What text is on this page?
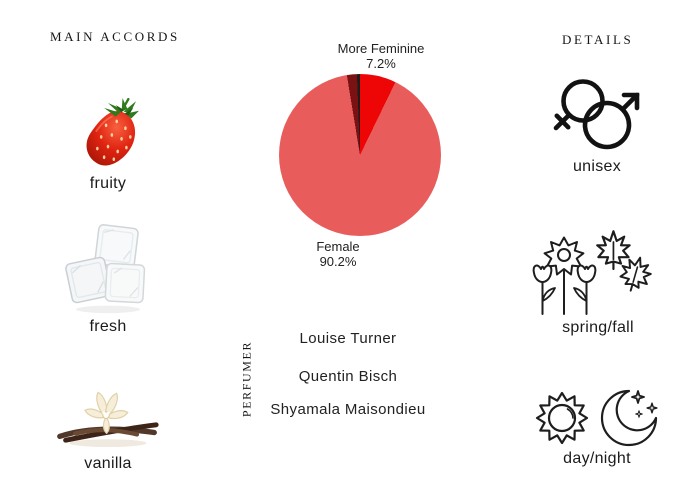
MAIN ACCORDS	DETAILS
PERFUMER
fruity
fresh
vanilla
More Feminine
7.2%
Female
90.2%
Louise Turner
Quentin Bisch
Shyamala Maisondieu
unisex
spring/fall
day/night
